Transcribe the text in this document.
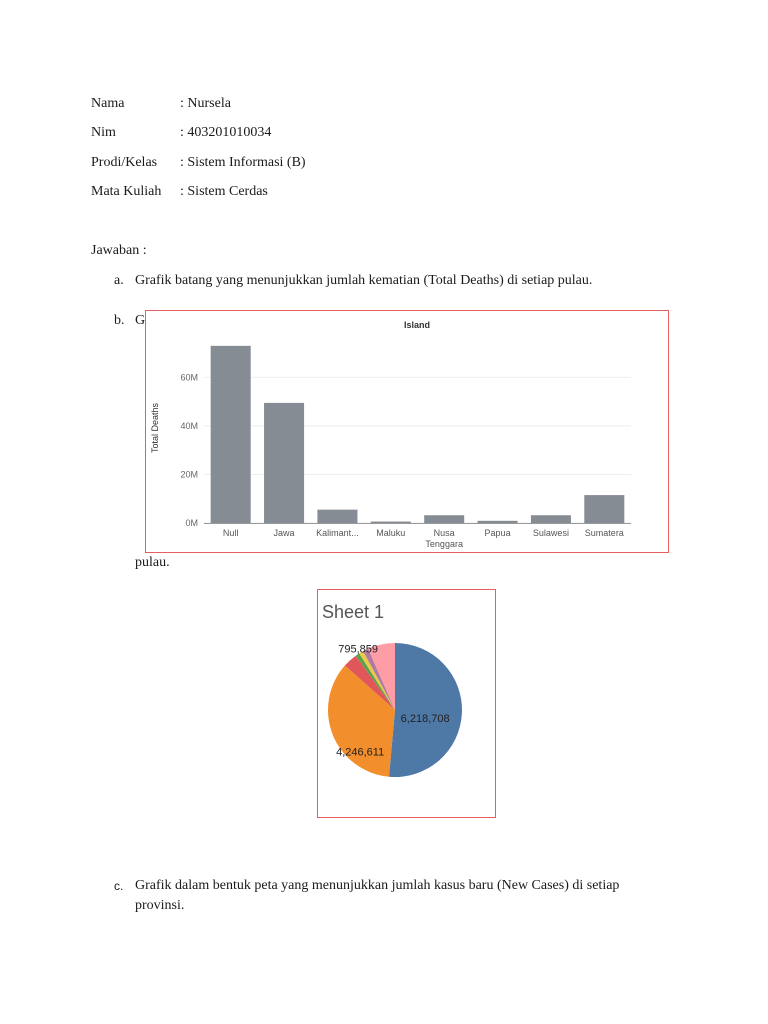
Nama	: Nursela
Nim	: 403201010034
Prodi/Kelas : Sistem Informasi (B)
Mata Kuliah : Sistem Cerdas
Jawaban :
a. Grafik batang yang menunjukkan jumlah kematian (Total Deaths) di setiap pulau.
b. G
pulau.
c. Grafik dalam bentuk peta yang menunjukkan jumlah kasus baru (New Cases) di setiap
provinsi.
Island
Total Deaths
0M
20M
40M
60M
Null	Jawa Kalimant... Maluku	Nusa
Tenggara
Papua Sulawesi Sumatera
Sheet 1
6,218,708
4,246,611
795,859
